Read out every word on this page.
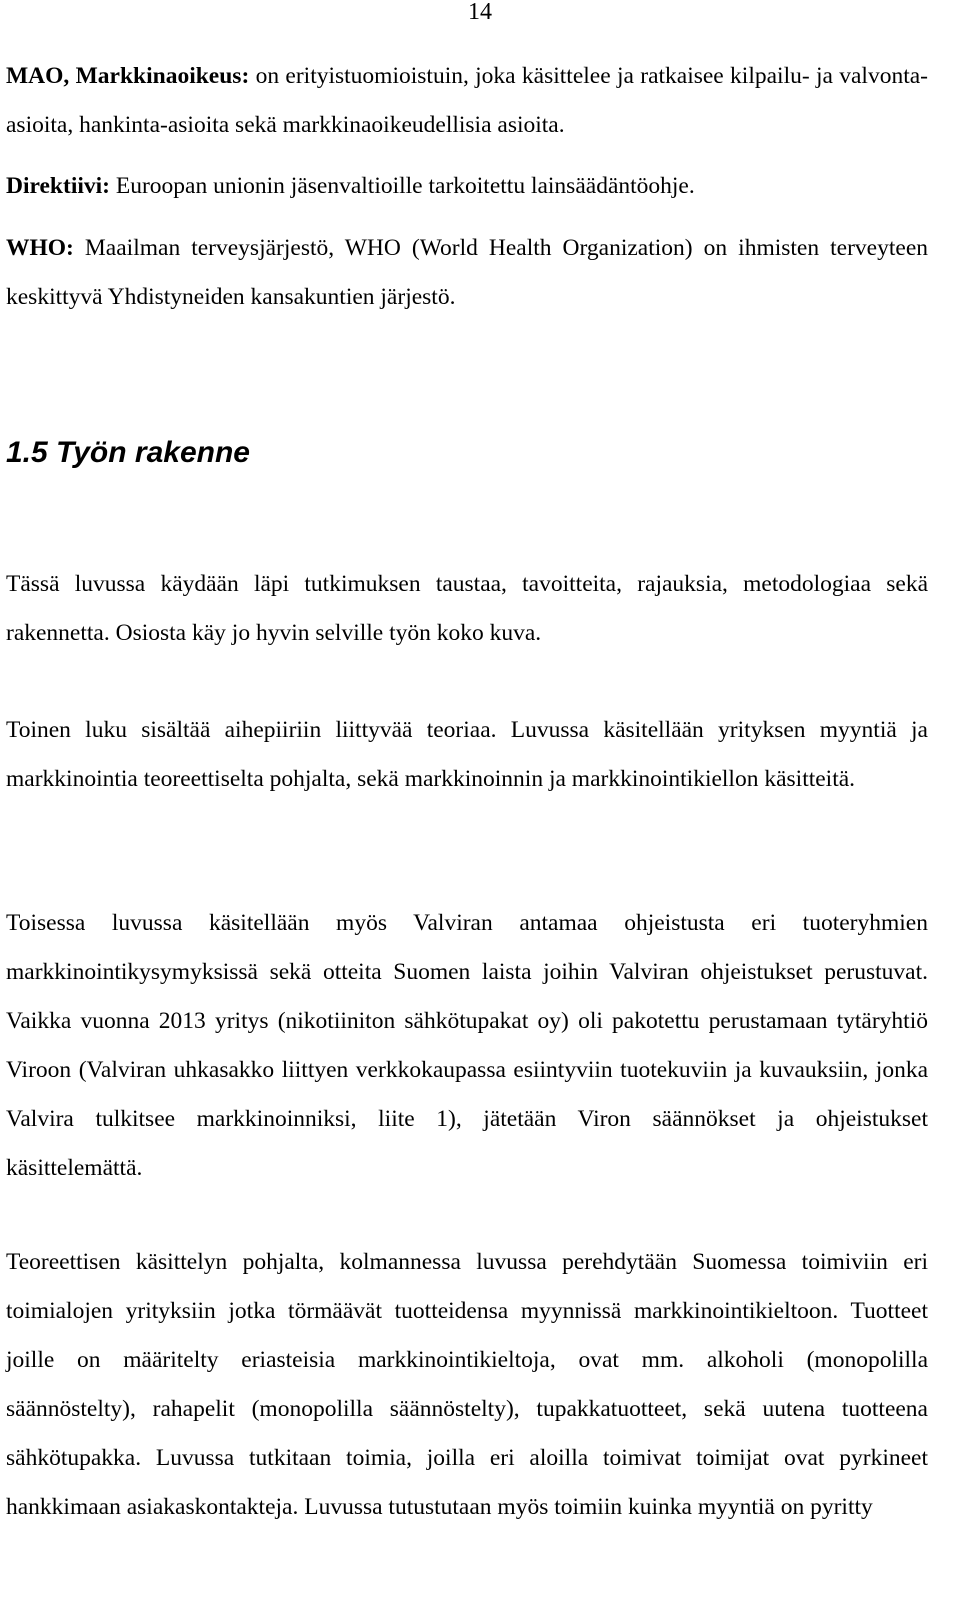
14

MAO, Markkinaoikeus: on erityistuomioistuin, joka käsittelee ja ratkaisee kilpailu- ja valvonta-asioita, hankinta-asioita sekä markkinaoikeudellisia asioita.

Direktiivi: Euroopan unionin jäsenvaltioille tarkoitettu lainsäädäntöohje.

WHO: Maailman terveysjärjestö, WHO (World Health Organization) on ihmisten terveyteen keskittyvä Yhdistyneiden kansakuntien järjestö.

1.5 Työn rakenne

Tässä luvussa käydään läpi tutkimuksen taustaa, tavoitteita, rajauksia, metodologiaa sekä rakennetta. Osiosta käy jo hyvin selville työn koko kuva.

Toinen luku sisältää aihepiiriin liittyvää teoriaa. Luvussa käsitellään yrityksen myyntiä ja markkinointia teoreettiselta pohjalta, sekä markkinoinnin ja markkinointikiellon käsitteitä.

Toisessa luvussa käsitellään myös Valviran antamaa ohjeistusta eri tuoteryhmien markkinointikysymyksissä sekä otteita Suomen laista joihin Valviran ohjeistukset perustuvat. Vaikka vuonna 2013 yritys (nikotiiniton sähkötupakat oy) oli pakotettu perustamaan tytäryhtiö Viroon (Valviran uhkasakko liittyen verkkokaupassa esiintyviin tuotekuviin ja kuvauksiin, jonka Valvira tulkitsee markkinoinniksi, liite 1), jätetään Viron säännökset ja ohjeistukset käsittelemättä.

Teoreettisen käsittelyn pohjalta, kolmannessa luvussa perehdytään Suomessa toimiviin eri toimialojen yrityksiin jotka törmäävät tuotteidensa myynnissä markkinointikieltoon. Tuotteet joille on määritelty eriasteisia markkinointikieltoja, ovat mm. alkoholi (monopolilla säännöstelty), rahapelit (monopolilla säännöstelty), tupakkatuotteet, sekä uutena tuotteena sähkötupakka. Luvussa tutkitaan toimia, joilla eri aloilla toimivat toimijat ovat pyrkineet hankkimaan asiakaskontakteja. Luvussa tutustutaan myös toimiin kuinka myyntiä on pyritty
